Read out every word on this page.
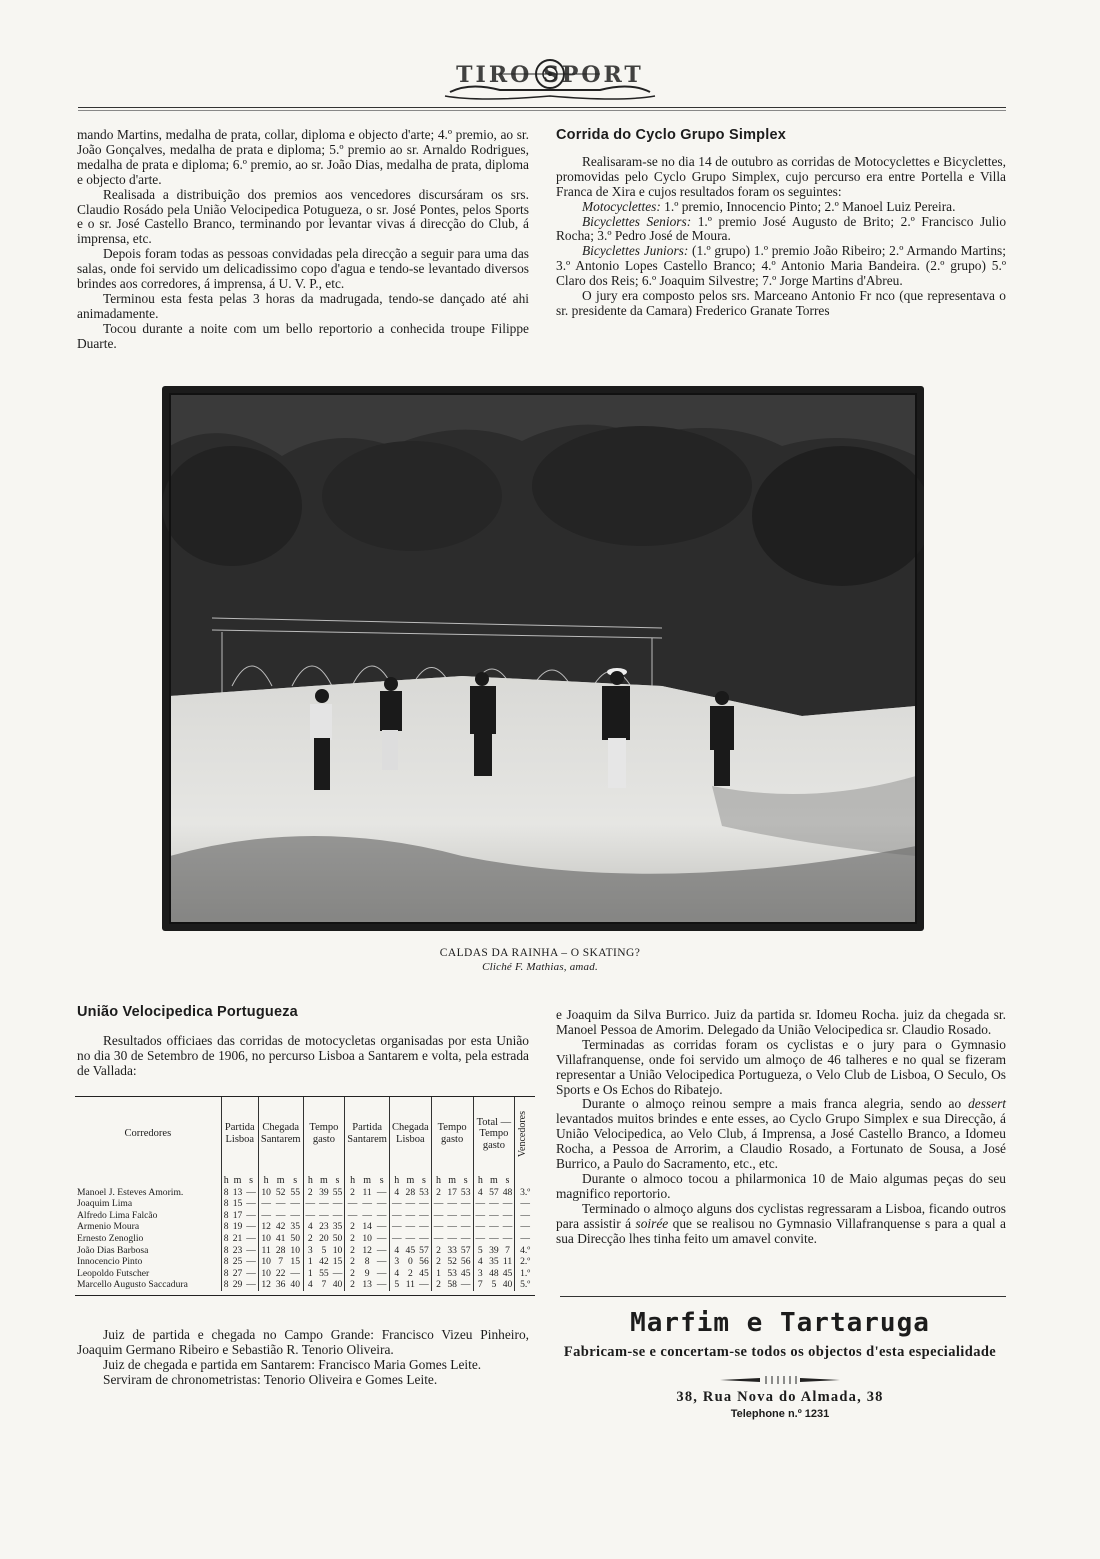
TIRO SPORT

mando Martins, medalha de prata, collar, diploma e objecto d'arte; 4.º premio, ao sr. João Gonçalves, medalha de prata e diploma; 5.º premio ao sr. Arnaldo Rodrigues, medalha de prata e diploma; 6.º premio, ao sr. João Dias, medalha de prata, diploma e objecto d'arte.

Realisada a distribuição dos premios aos vencedores discursáram os srs. Claudio Rosádo pela União Velocipedica Potugueza, o sr. José Pontes, pelos Sports e o sr. José Castello Branco, terminando por levantar vivas á direcção do Club, á imprensa, etc.

Depois foram todas as pessoas convidadas pela direcção a seguir para uma das salas, onde foi servido um delicadissimo copo d'agua e tendo-se levantado diversos brindes aos corredores, á imprensa, á U. V. P., etc.

Terminou esta festa pelas 3 horas da madrugada, tendo-se dançado até ahi animadamente.

Tocou durante a noite com um bello reportorio a conhecida troupe Filippe Duarte.

Corrida do Cyclo Grupo Simplex

Realisaram-se no dia 14 de outubro as corridas de Motocyclettes e Bicyclettes, promovidas pelo Cyclo Grupo Simplex, cujo percurso era entre Portella e Villa Franca de Xira e cujos resultados foram os seguintes:

Motocyclettes: 1.º premio, Innocencio Pinto; 2.º Manoel Luiz Pereira.

Bicyclettes Seniors: 1.º premio José Augusto de Brito; 2.º Francisco Julio Rocha; 3.º Pedro José de Moura.

Bicyclettes Juniors: (1.º grupo) 1.º premio João Ribeiro; 2.º Armando Martins; 3.º Antonio Lopes Castello Branco; 4.º Antonio Maria Bandeira. (2.º grupo) 5.º Claro dos Reis; 6.º Joaquim Silvestre; 7.º Jorge Martins d'Abreu.

O jury era composto pelos srs. Marceano Antonio Fr nco (que representava o sr. presidente da Camara) Frederico Granate Torres

CALDAS DA RAINHA – O SKATING?
Cliché F. Mathias, amad.
União Velocipedica Portugueza

Resultados officiaes das corridas de motocycletas organisadas por esta União no dia 30 de Setembro de 1906, no percurso Lisboa a Santarem e volta, pela estrada de Vallada:

Corredores	Partida Lisboa			Chegada Santarem			Tempo gasto			Partida Santarem			Chegada Lisboa			Tempo gasto			Total — Tempo gasto			Vencedores

	h	m	s	h	m	s	h	m	s	h	m	s	h	m	s	h	m	s	h	m	s	
Manoel J. Esteves Amorim.	8	13	—	10	52	55	2	39	55	2	11	—	4	28	53	2	17	53	4	57	48	3.º
Joaquim Lima	8	15	—	—	—	—	—	—	—	—	—	—	—	—	—	—	—	—	—	—	—	—
Alfredo Lima Falcão	8	17	—	—	—	—	—	—	—	—	—	—	—	—	—	—	—	—	—	—	—	—
Armenio Moura	8	19	—	12	42	35	4	23	35	2	14	—	—	—	—	—	—	—	—	—	—	—
Ernesto Zenoglio	8	21	—	10	41	50	2	20	50	2	10	—	—	—	—	—	—	—	—	—	—	—
João Dias Barbosa	8	23	—	11	28	10	3	5	10	2	12	—	4	45	57	2	33	57	5	39	7	4.º
Innocencio Pinto	8	25	—	10	7	15	1	42	15	2	8	—	3	0	56	2	52	56	4	35	11	2.º
Leopoldo Futscher	8	27	—	10	22	—	1	55	—	2	9	—	4	2	45	1	53	45	3	48	45	1.º
Marcello Augusto Saccadura	8	29	—	12	36	40	4	7	40	2	13	—	5	11	—	2	58	—	7	5	40	5.º

Juiz de partida e chegada no Campo Grande: Francisco Vizeu Pinheiro, Joaquim Germano Ribeiro e Sebastião R. Tenorio Oliveira.

Juiz de chegada e partida em Santarem: Francisco Maria Gomes Leite.

Serviram de chronometristas: Tenorio Oliveira e Gomes Leite.

e Joaquim da Silva Burrico. Juiz da partida sr. Idomeu Rocha. juiz da chegada sr. Manoel Pessoa de Amorim. Delegado da União Velocipedica sr. Claudio Rosado.

Terminadas as corridas foram os cyclistas e o jury para o Gymnasio Villafranquense, onde foi servido um almoço de 46 talheres e no qual se fizeram representar a União Velocipedica Portugueza, o Velo Club de Lisboa, O Seculo, Os Sports e Os Echos do Ribatejo.

Durante o almoço reinou sempre a mais franca alegria, sendo ao dessert levantados muitos brindes e ente esses, ao Cyclo Grupo Simplex e sua Direcção, á União Velocipedica, ao Velo Club, á Imprensa, a José Castello Branco, a Idomeu Rocha, a Pessoa de Arrorim, a Claudio Rosado, a Fortunato de Sousa, a José Burrico, a Paulo do Sacramento, etc., etc.

Durante o almoco tocou a philarmonica 10 de Maio algumas peças do seu magnifico reportorio.

Terminado o almoço alguns dos cyclistas regressaram a Lisboa, ficando outros para assistir á soirée que se realisou no Gymnasio Villafranquense s para a qual a sua Direcção lhes tinha feito um amavel convite.

Marfim e Tartaruga
Fabricam-se e concertam-se todos os objectos d'esta especialidade
38, Rua Nova do Almada, 38
Telephone n.º 1231
